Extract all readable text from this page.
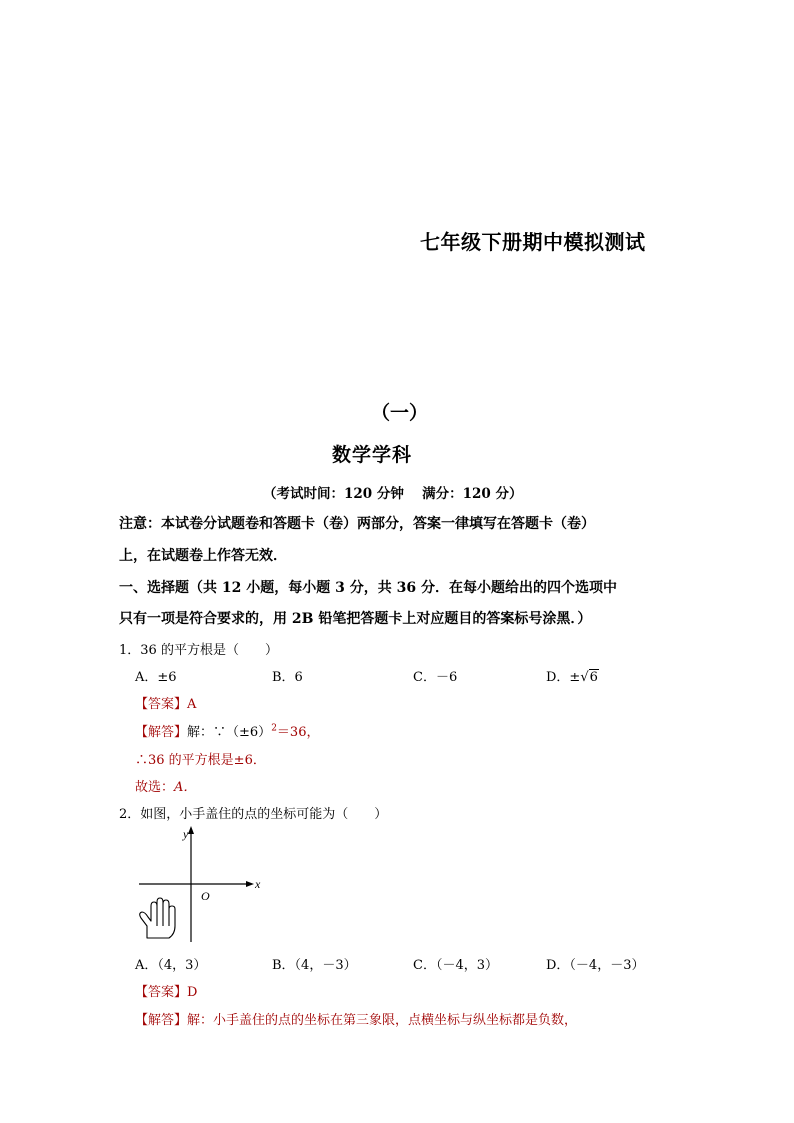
七年级下册期中模拟测试
（一）
数学学科
（考试时间：120 分钟　 满分：120 分）
注意：本试卷分试题卷和答题卡（卷）两部分，答案一律填写在答题卡（卷）
上，在试题卷上作答无效．
一、选择题（共 12 小题，每小题 3 分，共 36 分．在每小题给出的四个选项中
只有一项是符合要求的，用 2B 铅笔把答题卡上对应题目的答案标号涂黑．）
1．36 的平方根是（　　）
A．±6	B．6	C．－6	D．±√6
【答案】A
【解答】解：$\because(\pm 6)^2=36$，
∴36 的平方根是±6．
故选：A．
2．如图，小手盖住的点的坐标可能为（　　）
y
x
O
A．（4，3）	B．（4，－3）	C．（－4，3）	D．（－4，－3）
【答案】D
【解答】解：小手盖住的点的坐标在第三象限，点横坐标与纵坐标都是负数，
